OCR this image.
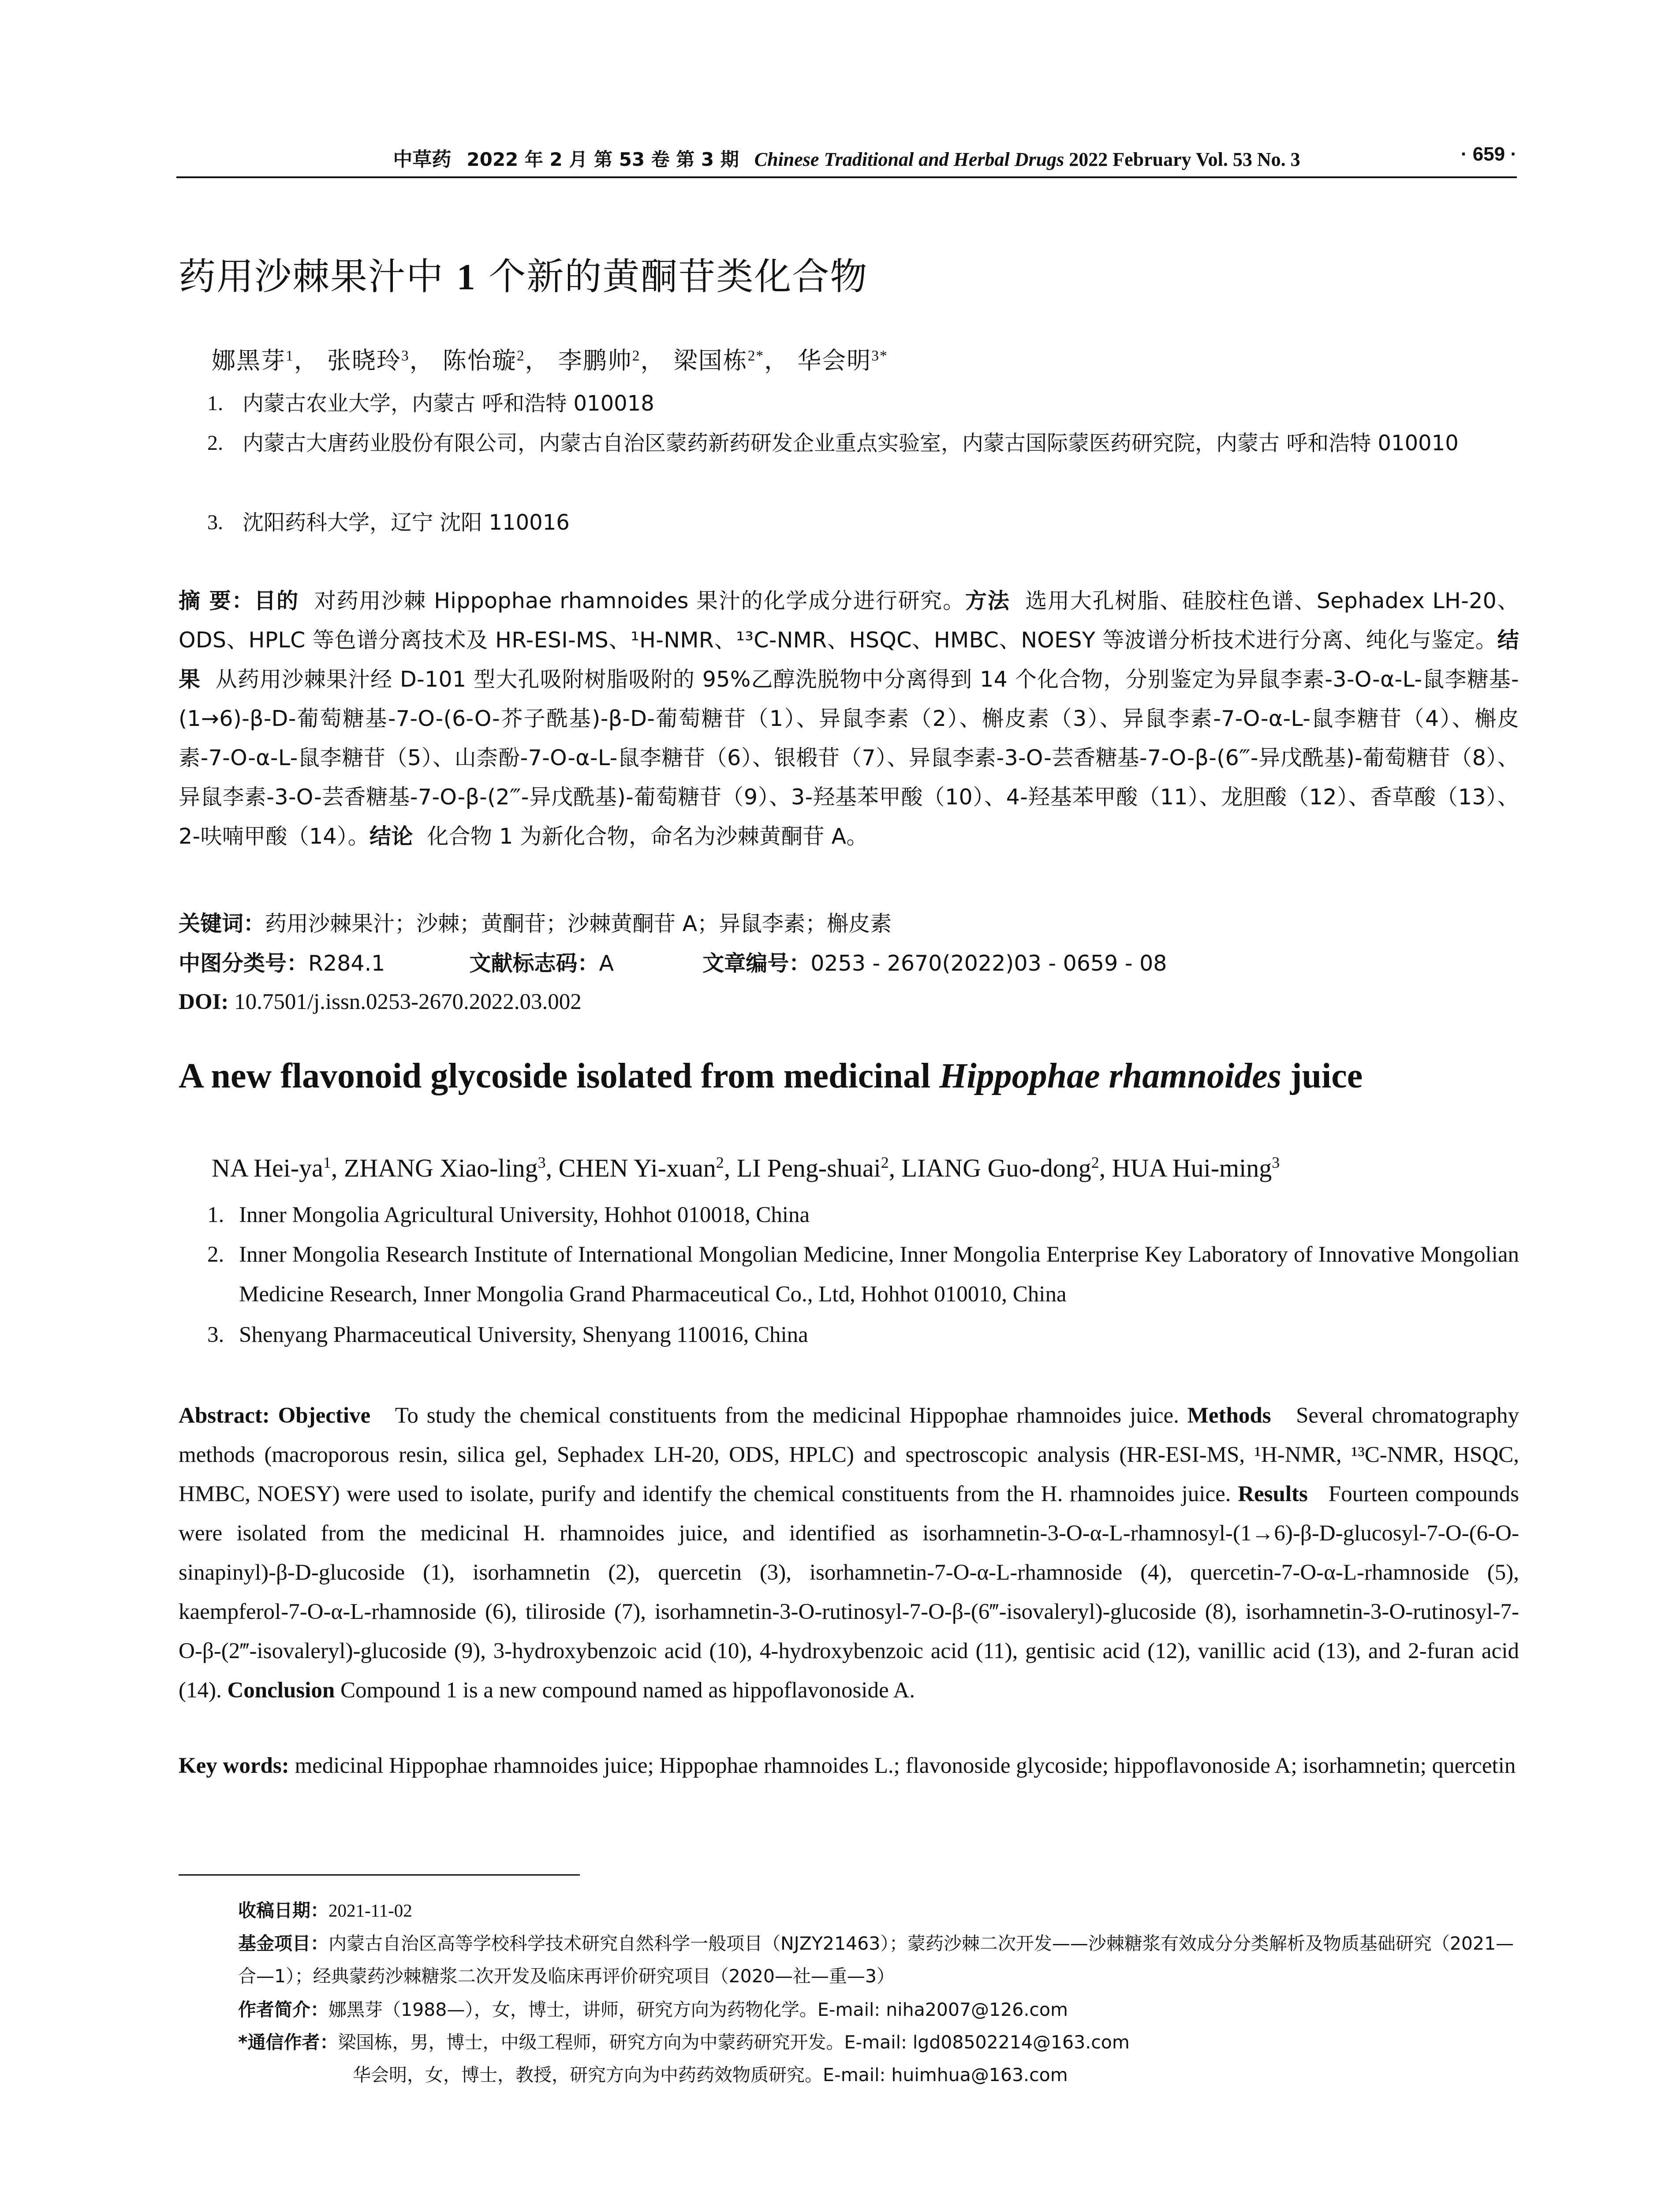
中草药 2022 年 2 月 第 53 卷 第 3 期 Chinese Traditional and Herbal Drugs 2022 February Vol. 53 No. 3	· 659 ·
药用沙棘果汁中 1 个新的黄酮苷类化合物
娜黑芽$^1$， 张晓玲$^3$， 陈怡璇$^2$， 李鹏帅$^2$， 梁国栋$^{2*}$， 华会明$^{3*}$
1. 内蒙古农业大学，内蒙古 呼和浩特 010018
2. 内蒙古大唐药业股份有限公司，内蒙古自治区蒙药新药研发企业重点实验室，内蒙古国际蒙医药研究院，内蒙古 呼和浩特 010010
3. 沈阳药科大学，辽宁 沈阳 110016
摘 要：目的 对药用沙棘 Hippophae rhamnoides 果汁的化学成分进行研究。方法 选用大孔树脂、硅胶柱色谱、Sephadex LH-20、ODS、HPLC 等色谱分离技术及 HR-ESI-MS、¹H-NMR、¹³C-NMR、HSQC、HMBC、NOESY 等波谱分析技术进行分离、纯化与鉴定。结果 从药用沙棘果汁经 D-101 型大孔吸附树脂吸附的 95%乙醇洗脱物中分离得到 14 个化合物，分别鉴定为异鼠李素-3-O-α-L-鼠李糖基-(1→6)-β-D-葡萄糖基-7-O-(6-O-芥子酰基)-β-D-葡萄糖苷（1）、异鼠李素（2）、槲皮素（3）、异鼠李素-7-O-α-L-鼠李糖苷（4）、槲皮素-7-O-α-L-鼠李糖苷（5）、山柰酚-7-O-α-L-鼠李糖苷（6）、银椴苷（7）、异鼠李素-3-O-芸香糖基-7-O-β-(6‴-异戊酰基)-葡萄糖苷（8）、异鼠李素-3-O-芸香糖基-7-O-β-(2‴-异戊酰基)-葡萄糖苷（9）、3-羟基苯甲酸（10）、4-羟基苯甲酸（11）、龙胆酸（12）、香草酸（13）、2-呋喃甲酸（14）。结论 化合物 1 为新化合物，命名为沙棘黄酮苷 A。
关键词：药用沙棘果汁；沙棘；黄酮苷；沙棘黄酮苷 A；异鼠李素；槲皮素
中图分类号：R284.1	文献标志码：A	文章编号：0253 - 2670(2022)03 - 0659 - 08
DOI: 10.7501/j.issn.0253-2670.2022.03.002
A new flavonoid glycoside isolated from medicinal Hippophae rhamnoides juice
NA Hei-$ya^1$, ZHANG Xiao-ling$^3$, CHEN Yi-xuan$^2$, LI Peng-shuai$^2$, LIANG Guo-dong$^2$, HUA Hui-ming$^3$
1. Inner Mongolia Agricultural University, Hohhot 010018, China
2. Inner Mongolia Research Institute of International Mongolian Medicine, Inner Mongolia Enterprise Key Laboratory of Innovative Mongolian Medicine Research, Inner Mongolia Grand Pharmaceutical Co., Ltd, Hohhot 010010, China
3. Shenyang Pharmaceutical University, Shenyang 110016, China
Abstract: Objective To study the chemical constituents from the medicinal Hippophae rhamnoides juice. Methods Several chromatography methods (macroporous resin, silica gel, Sephadex LH-20, ODS, HPLC) and spectroscopic analysis (HR-ESI-MS, ¹H-NMR, ¹³C-NMR, HSQC, HMBC, NOESY) were used to isolate, purify and identify the chemical constituents from the H. rhamnoides juice. Results Fourteen compounds were isolated from the medicinal H. rhamnoides juice, and identified as isorhamnetin-3-O-α-L-rhamnosyl-(1→6)-β-D-glucosyl-7-O-(6-O-sinapinyl)-β-D-glucoside (1), isorhamnetin (2), quercetin (3), isorhamnetin-7-O-α-L-rhamnoside (4), quercetin-7-O-α-L-rhamnoside (5), kaempferol-7-O-α-L-rhamnoside (6), tiliroside (7), isorhamnetin-3-O-rutinosyl-7-O-β-(6‴-isovaleryl)-glucoside (8), isorhamnetin-3-O-rutinosyl-7-O-β-(2‴-isovaleryl)-glucoside (9), 3-hydroxybenzoic acid (10), 4-hydroxybenzoic acid (11), gentisic acid (12), vanillic acid (13), and 2-furan acid (14). Conclusion Compound 1 is a new compound named as hippoflavonoside A.
Key words: medicinal Hippophae rhamnoides juice; Hippophae rhamnoides L.; flavonoside glycoside; hippoflavonoside A; isorhamnetin; quercetin
收稿日期：2021-11-02
基金项目：内蒙古自治区高等学校科学技术研究自然科学一般项目（NJZY21463）；蒙药沙棘二次开发——沙棘糖浆有效成分分类解析及物质基础研究（2021—合—1）；经典蒙药沙棘糖浆二次开发及临床再评价研究项目（2020—社—重—3）
作者简介：娜黑芽（1988—），女，博士，讲师，研究方向为药物化学。E-mail: niha2007@126.com
*通信作者：梁国栋，男，博士，中级工程师，研究方向为中蒙药研究开发。E-mail: lgd08502214@163.com
华会明，女，博士，教授，研究方向为中药药效物质研究。E-mail: huimhua@163.com
